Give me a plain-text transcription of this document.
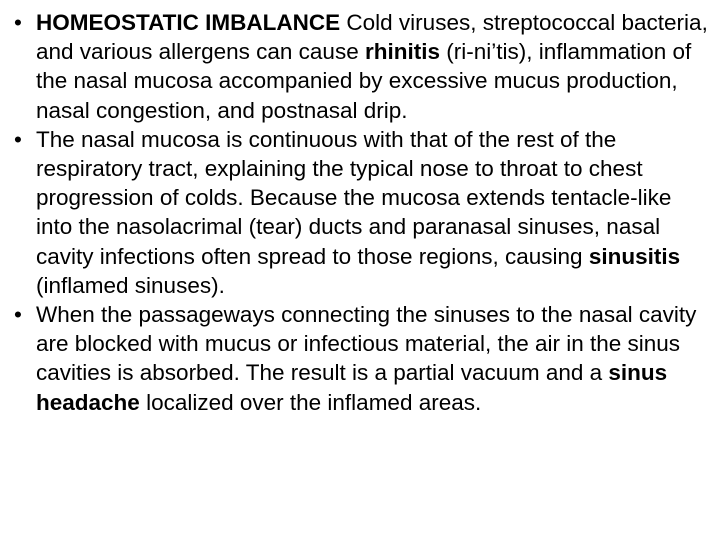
• HOMEOSTATIC IMBALANCE Cold viruses, streptococcal bacteria, and various allergens can cause rhinitis (ri-ni’tis), inflammation of the nasal mucosa accompanied by excessive mucus production, nasal congestion, and postnasal drip.
• The nasal mucosa is continuous with that of the rest of the respiratory tract, explaining the typical nose to throat to chest progression of colds. Because the mucosa extends tentacle-like into the nasolacrimal (tear) ducts and paranasal sinuses, nasal cavity infections often spread to those regions, causing sinusitis (inflamed sinuses).
• When the passageways connecting the sinuses to the nasal cavity are blocked with mucus or infectious material, the air in the sinus cavities is absorbed. The result is a partial vacuum and a sinus headache localized over the inflamed areas.
